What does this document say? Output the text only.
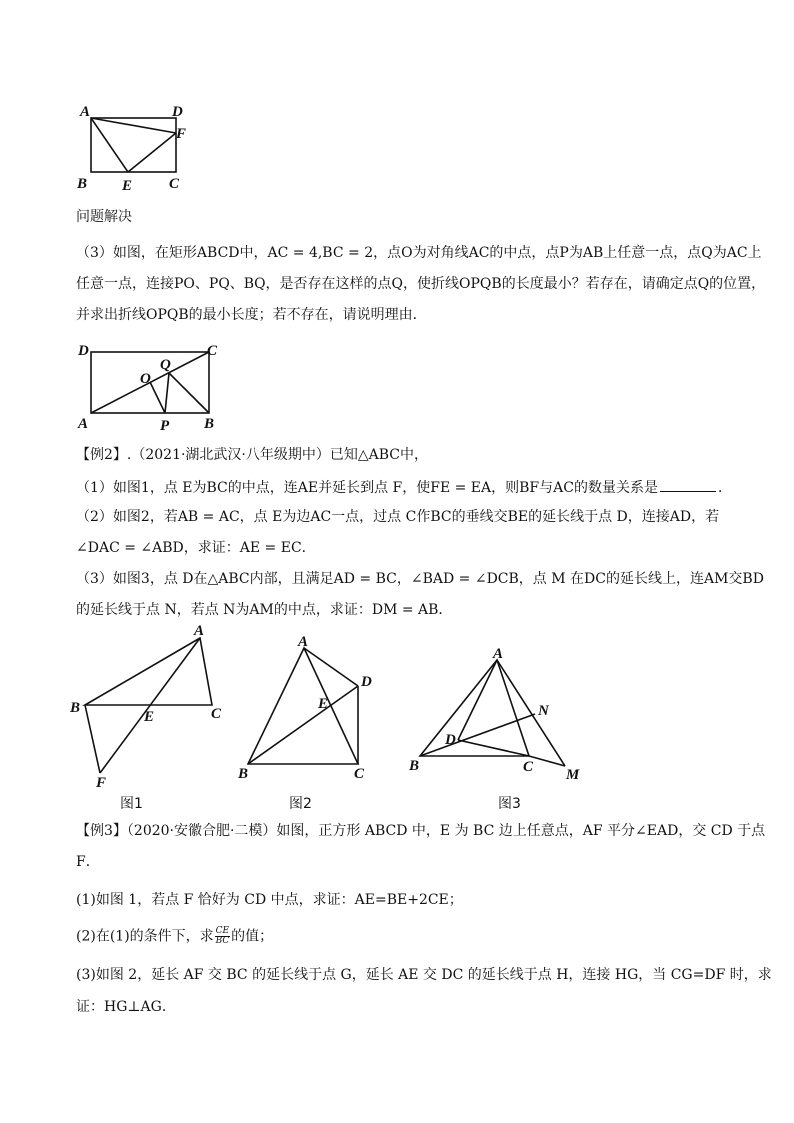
A	D
F
B E C
问题解决
（3）如图，在矩形ABCD中，AC = 4,BC = 2，点O为对角线AC的中点，点P为AB上任意一点，点Q为AC上
任意一点，连接PO、PQ、BQ，是否存在这样的点Q，使折线OPQB的长度最小？若存在，请确定点Q的位置，
并求出折线OPQB的最小长度；若不存在，请说明理由．
D	C
Q
O
A	P B
【例2】.（2021·湖北武汉·八年级期中）已知△ABC中，
（1）如图1，点 E为BC的中点，连AE并延长到点 F，使FE = EA，则BF与AC的数量关系是	．
（2）如图2，若AB = AC，点 E为边AC一点，过点 C作BC的垂线交BE的延长线于点 D，连接AD，若
∠DAC = ∠ABD，求证：AE = EC．
（3）如图3，点 D在△ABC内部，且满足AD = BC，∠BAD = ∠DCB，点 M 在DC的延长线上，连AM交BD
的延长线于点 N，若点 N为AM的中点，求证：DM = AB．
A
B
E	C
F
A
D
E
B	C
A
N
D
B	C M
图1	图2	图3
【例3】（2020·安徽合肥·二模）如图，正方形 ABCD 中，E 为 BC 边上任意点，AF 平分∠EAD，交 CD 于点
F．
(1)如图 1，若点 F 恰好为 CD 中点，求证：AE=BE+2CE；
(2)在(1)的条件下，求 $\frac{CE}{BC}$ 的值；
(3)如图 2，延长 AF 交 BC 的延长线于点 G，延长 AE 交 DC 的延长线于点 H，连接 HG，当 CG=DF 时，求
证：HG⊥AG．
